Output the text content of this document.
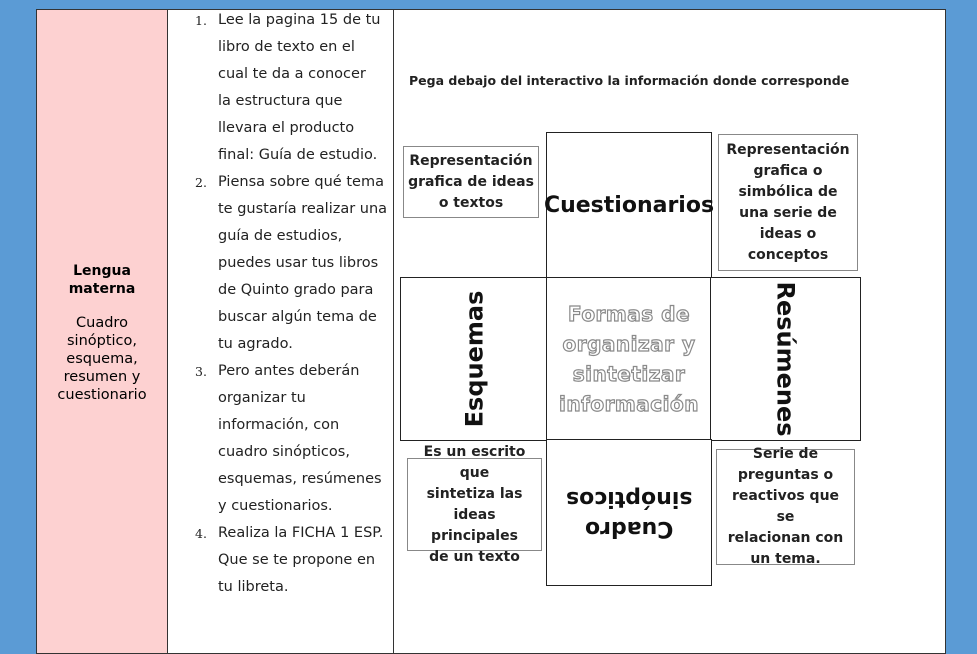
Lengua
materna
Cuadro
sinóptico,
esquema,
resumen y
cuestionario
1. Lee la pagina 15 de tu
libro de texto en el
cual te da a conocer
la estructura que
llevara el producto
final: Guía de estudio.
2. Piensa sobre qué tema
te gustaría realizar una
guía de estudios,
puedes usar tus libros
de Quinto grado para
buscar algún tema de
tu agrado.
3. Pero antes deberán
organizar tu
información, con
cuadro sinópticos,
esquemas, resúmenes
y cuestionarios.
4. Realiza la FICHA 1 ESP.
Que se te propone en
tu libreta.
Pega debajo del interactivo la información donde corresponde
Cuestionarios
Esquemas	Formas de
organizar y
sintetizar
información	Resúmenes
Cuadro
sinópticos
Representación
grafica de ideas
o textos
Representación
grafica o
simbólica de
una serie de
ideas o
conceptos
Es un escrito que
sintetiza las
ideas principales
de un texto
Serie de
preguntas o
reactivos que se
relacionan con
un tema.
